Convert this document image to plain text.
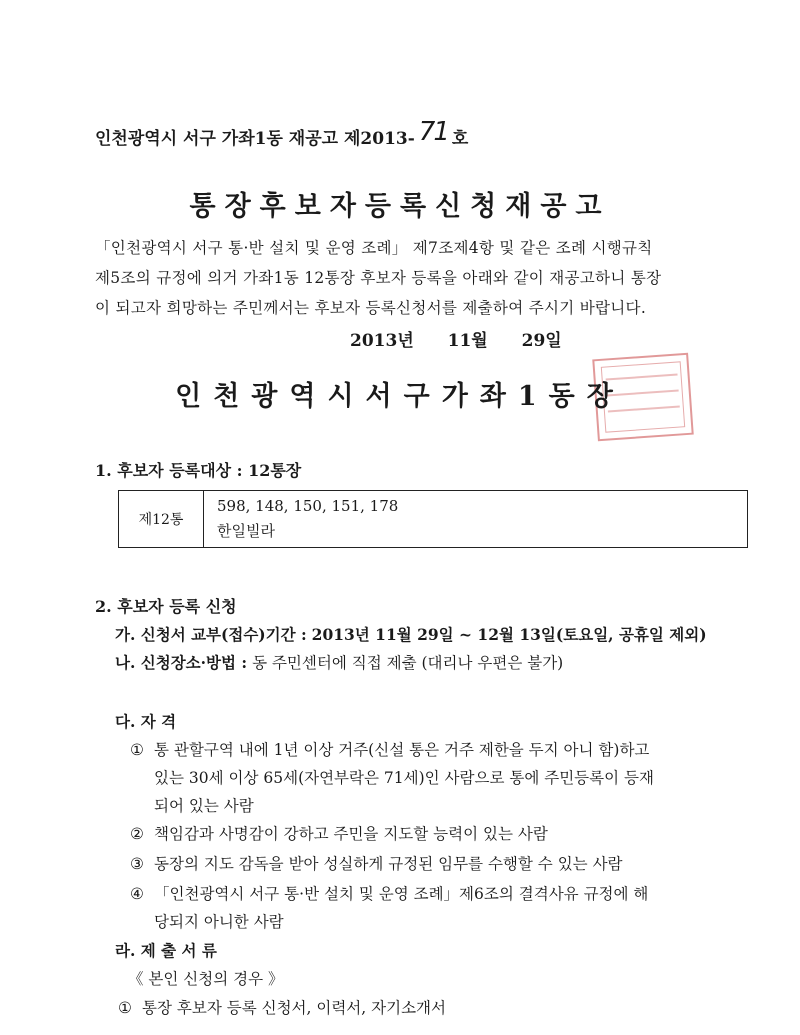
인천광역시 서구 가좌1동 재공고 제2013- 71 호
통장후보자등록신청재공고
「인천광역시 서구 통·반 설치 및 운영 조례」 제7조제4항 및 같은 조례 시행규칙
제5조의 규정에 의거 가좌1동 12통장 후보자 등록을 아래와 같이 재공고하니 통장
이 되고자 희망하는 주민께서는 후보자 등록신청서를 제출하여 주시기 바랍니다.
2013년 11월 29일
인천광역시서구가좌1동장
1. 후보자 등록대상 : 12통장
제12통
598, 148, 150, 151, 178
한일빌라
2. 후보자 등록 신청
가. 신청서 교부(접수)기간 : 2013년 11월 29일 ~ 12월 13일(토요일, 공휴일 제외)
나. 신청장소·방법 : 동 주민센터에 직접 제출 (대리나 우편은 불가)
다. 자 격
① 통 관할구역 내에 1년 이상 거주(신설 통은 거주 제한을 두지 아니 함)하고
있는 30세 이상 65세(자연부락은 71세)인 사람으로 통에 주민등록이 등재
되어 있는 사람
② 책임감과 사명감이 강하고 주민을 지도할 능력이 있는 사람
③ 동장의 지도 감독을 받아 성실하게 규정된 임무를 수행할 수 있는 사람
④ 「인천광역시 서구 통·반 설치 및 운영 조례」제6조의 결격사유 규정에 해
당되지 아니한 사람
라. 제 출 서 류
《 본인 신청의 경우 》
① 통장 후보자 등록 신청서, 이력서, 자기소개서
